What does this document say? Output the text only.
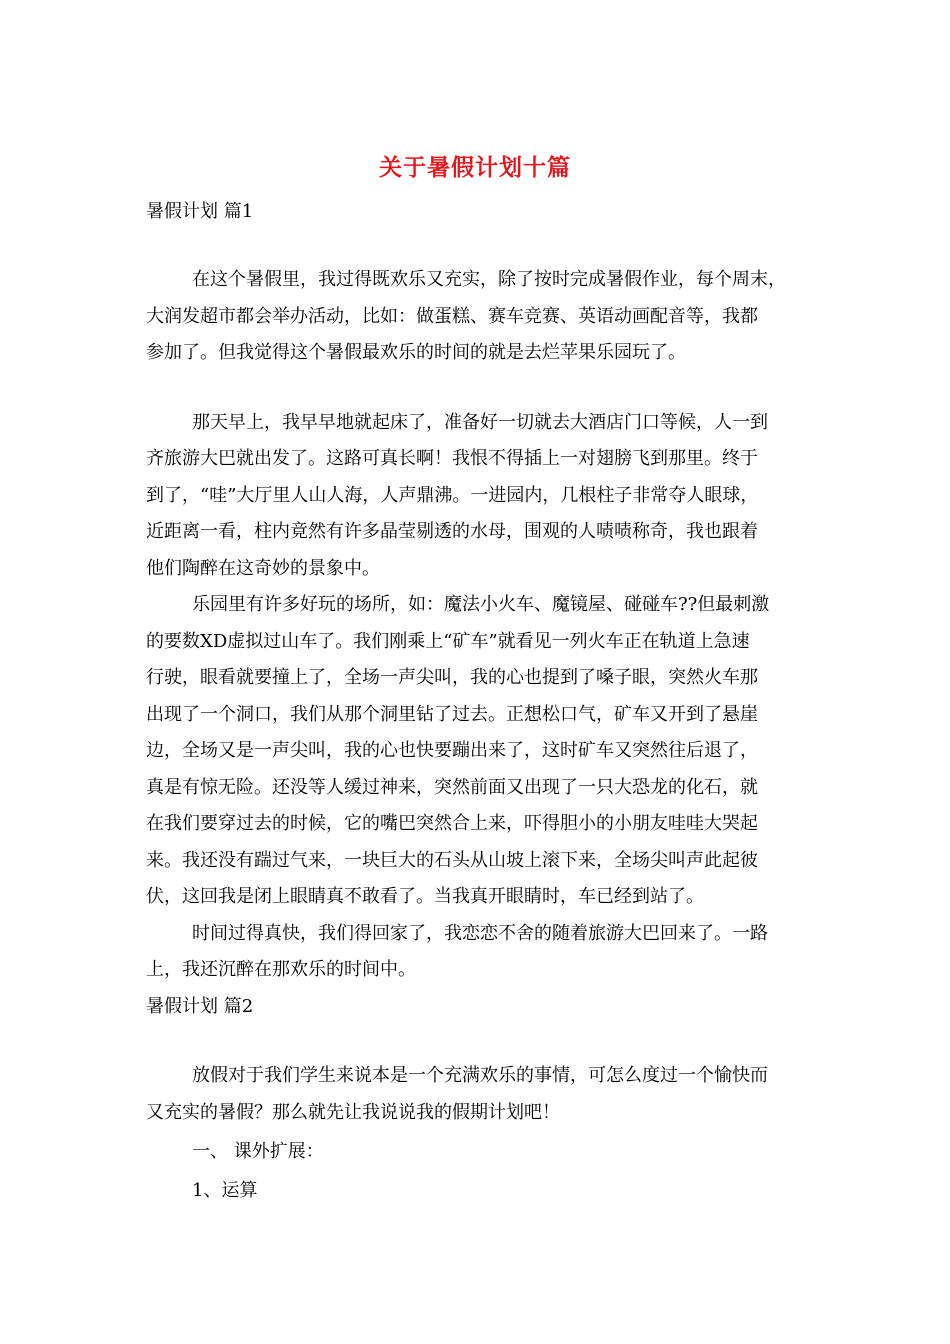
关于暑假计划十篇
暑假计划 篇1
在这个暑假里，我过得既欢乐又充实，除了按时完成暑假作业，每个周末，
大润发超市都会举办活动，比如：做蛋糕、赛车竞赛、英语动画配音等，我都
参加了。但我觉得这个暑假最欢乐的时间的就是去烂苹果乐园玩了。
那天早上，我早早地就起床了，准备好一切就去大酒店门口等候，人一到
齐旅游大巴就出发了。这路可真长啊！我恨不得插上一对翅膀飞到那里。终于
到了，“哇”大厅里人山人海，人声鼎沸。一进园内，几根柱子非常夺人眼球，
近距离一看，柱内竟然有许多晶莹剔透的水母，围观的人啧啧称奇，我也跟着
他们陶醉在这奇妙的景象中。
乐园里有许多好玩的场所，如：魔法小火车、魔镜屋、碰碰车??但最刺激
的要数XD虚拟过山车了。我们刚乘上“矿车”就看见一列火车正在轨道上急速
行驶，眼看就要撞上了，全场一声尖叫，我的心也提到了嗓子眼，突然火车那
出现了一个洞口，我们从那个洞里钻了过去。正想松口气，矿车又开到了悬崖
边，全场又是一声尖叫，我的心也快要蹦出来了，这时矿车又突然往后退了，
真是有惊无险。还没等人缓过神来，突然前面又出现了一只大恐龙的化石，就
在我们要穿过去的时候，它的嘴巴突然合上来，吓得胆小的小朋友哇哇大哭起
来。我还没有踹过气来，一块巨大的石头从山坡上滚下来，全场尖叫声此起彼
伏，这回我是闭上眼睛真不敢看了。当我真开眼睛时，车已经到站了。
时间过得真快，我们得回家了，我恋恋不舍的随着旅游大巴回来了。一路
上，我还沉醉在那欢乐的时间中。
暑假计划 篇2
放假对于我们学生来说本是一个充满欢乐的事情，可怎么度过一个愉快而
又充实的暑假？那么就先让我说说我的假期计划吧！
一、 课外扩展：
1、运算
